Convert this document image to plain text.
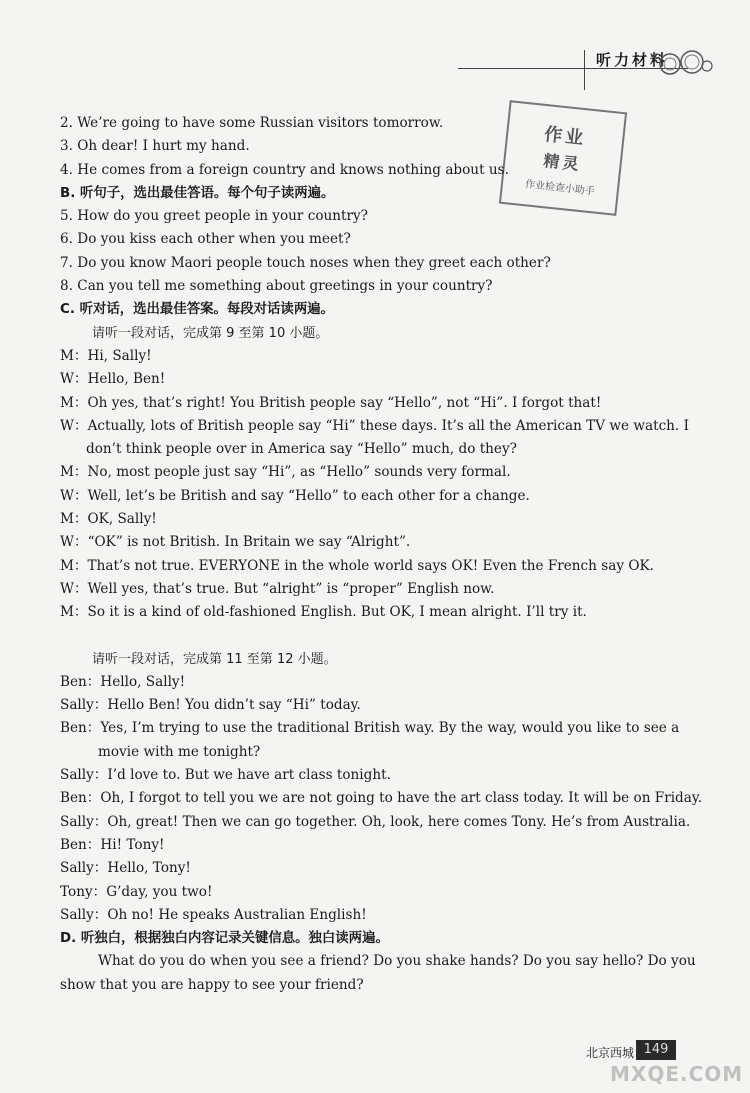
听力材料
作业
精灵
作业检查小助手
2. We’re going to have some Russian visitors tomorrow.
3. Oh dear! I hurt my hand.
4. He comes from a foreign country and knows nothing about us.
B. 听句子，选出最佳答语。每个句子读两遍。
5. How do you greet people in your country?
6. Do you kiss each other when you meet?
7. Do you know Maori people touch noses when they greet each other?
8. Can you tell me something about greetings in your country?
C. 听对话，选出最佳答案。每段对话读两遍。
请听一段对话，完成第 9 至第 10 小题。
M：Hi, Sally!
W：Hello, Ben!
M：Oh yes, that’s right! You British people say “Hello”, not “Hi”. I forgot that!
W：Actually, lots of British people say “Hi” these days. It’s all the American TV we watch. I
don’t think people over in America say “Hello” much, do they?
M：No, most people just say “Hi”, as “Hello” sounds very formal.
W：Well, let’s be British and say “Hello” to each other for a change.
M：OK, Sally!
W：“OK” is not British. In Britain we say “Alright”.
M：That’s not true. EVERYONE in the whole world says OK! Even the French say OK.
W：Well yes, that’s true. But “alright” is “proper” English now.
M：So it is a kind of old-fashioned English. But OK, I mean alright. I’ll try it.
请听一段对话，完成第 11 至第 12 小题。
Ben：Hello, Sally!
Sally：Hello Ben! You didn’t say “Hi” today.
Ben：Yes, I’m trying to use the traditional British way. By the way, would you like to see a
movie with me tonight?
Sally：I’d love to. But we have art class tonight.
Ben：Oh, I forgot to tell you we are not going to have the art class today. It will be on Friday.
Sally：Oh, great! Then we can go together. Oh, look, here comes Tony. He’s from Australia.
Ben：Hi! Tony!
Sally：Hello, Tony!
Tony：G’day, you two!
Sally：Oh no! He speaks Australian English!
D. 听独白，根据独白内容记录关键信息。独白读两遍。
What do you do when you see a friend? Do you shake hands? Do you say hello? Do you
show that you are happy to see your friend?
北京西城 149
MXQE.COM
